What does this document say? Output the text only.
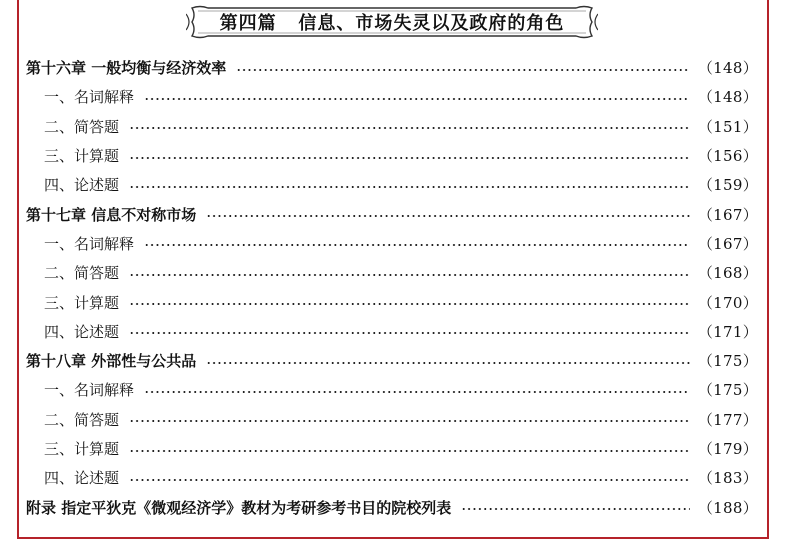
第四篇   信息、市场失灵以及政府的角色
第十六章 一般均衡与经济效率	（148）
一、名词解释	（148）
二、简答题	（151）
三、计算题	（156）
四、论述题	（159）
第十七章 信息不对称市场	（167）
一、名词解释	（167）
二、简答题	（168）
三、计算题	（170）
四、论述题	（171）
第十八章 外部性与公共品	（175）
一、名词解释	（175）
二、简答题	（177）
三、计算题	（179）
四、论述题	（183）
附录 指定平狄克《微观经济学》教材为考研参考书目的院校列表	（188）
